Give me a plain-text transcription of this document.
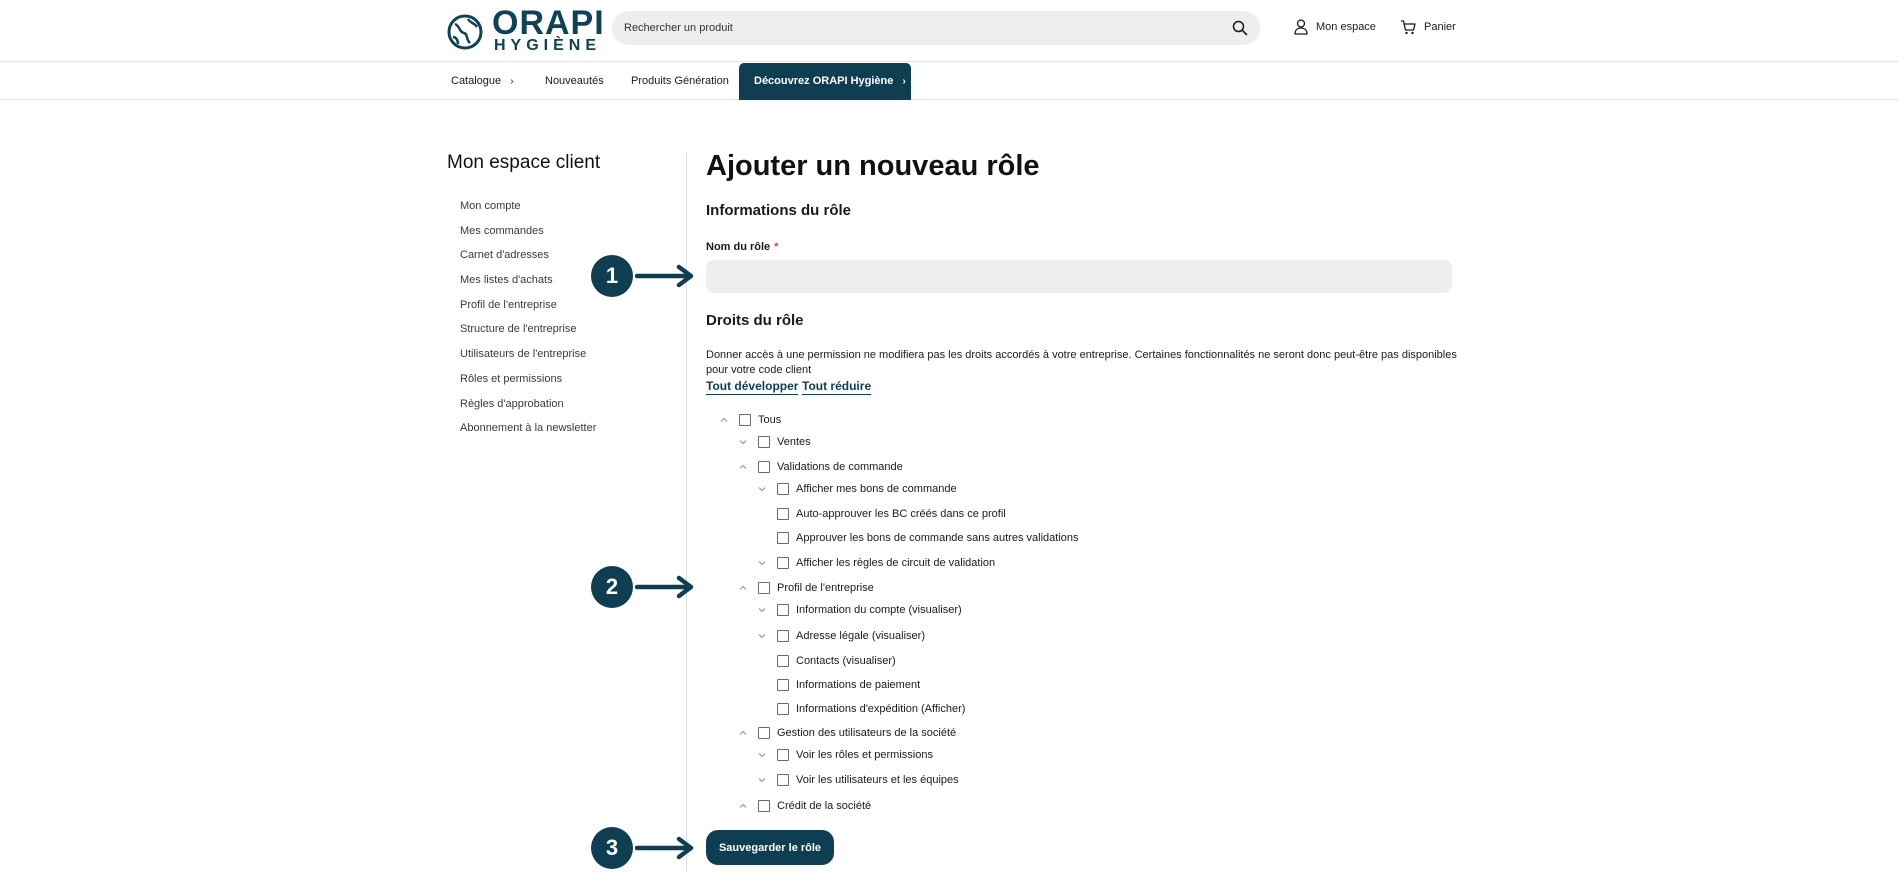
ORAPI
HYGIÈNE
Rechercher un produit
Mon espace	Panier
Catalogue ›	Nouveautés Produits Génération	Découvrez ORAPI Hygiène ›
Mon espace client
Mon compte
Mes commandes
Carnet d'adresses
Mes listes d'achats
Profil de l'entreprise
Structure de l'entreprise
Utilisateurs de l'entreprise
Rôles et permissions
Règles d'approbation
Abonnement à la newsletter
Ajouter un nouveau rôle
Informations du rôle
Nom du rôle *
Droits du rôle
Donner accès à une permission ne modifiera pas les droits accordés à votre entreprise. Certaines fonctionnalités ne seront donc peut-être pas disponibles pour votre code client
Tout développer Tout réduire
Tous
Ventes
Validations de commande
Afficher mes bons de commande
Auto-approuver les BC créés dans ce profil
Approuver les bons de commande sans autres validations
Afficher les règles de circuit de validation
Profil de l'entreprise
Information du compte (visualiser)
Adresse légale (visualiser)
Contacts (visualiser)
Informations de paiement
Informations d'expédition (Afficher)
Gestion des utilisateurs de la société
Voir les rôles et permissions
Voir les utilisateurs et les équipes
Crédit de la société
Sauvegarder le rôle
1
2
3
